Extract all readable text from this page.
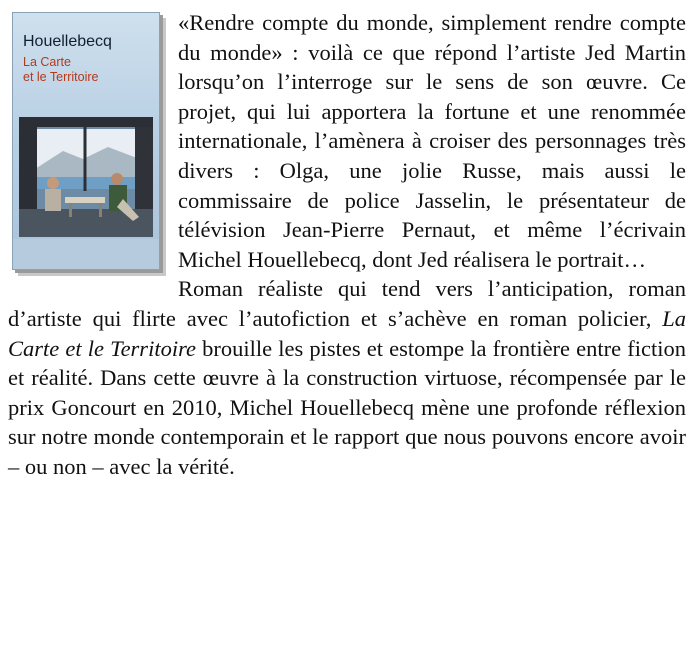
Houellebecq
La Carte
et le Territoire

«Rendre compte du monde, simplement rendre compte du monde» : voilà ce que répond l’artiste Jed Martin lorsqu’on l’interroge sur le sens de son œuvre. Ce projet, qui lui apportera la fortune et une renommée internationale, l’amènera à croiser des personnages très divers : Olga, une jolie Russe, mais aussi le commissaire de police Jasselin, le présentateur de télévision Jean-Pierre Pernaut, et même l’écrivain Michel Houellebecq, dont Jed réalisera le portrait…

Roman réaliste qui tend vers l’anticipation, roman d’artiste qui flirte avec l’autofiction et s’achève en roman policier, La Carte et le Territoire brouille les pistes et estompe la frontière entre fiction et réalité. Dans cette œuvre à la construction virtuose, récompensée par le prix Goncourt en 2010, Michel Houellebecq mène une profonde réflexion sur notre monde contemporain et le rapport que nous pouvons encore avoir – ou non – avec la vérité.
